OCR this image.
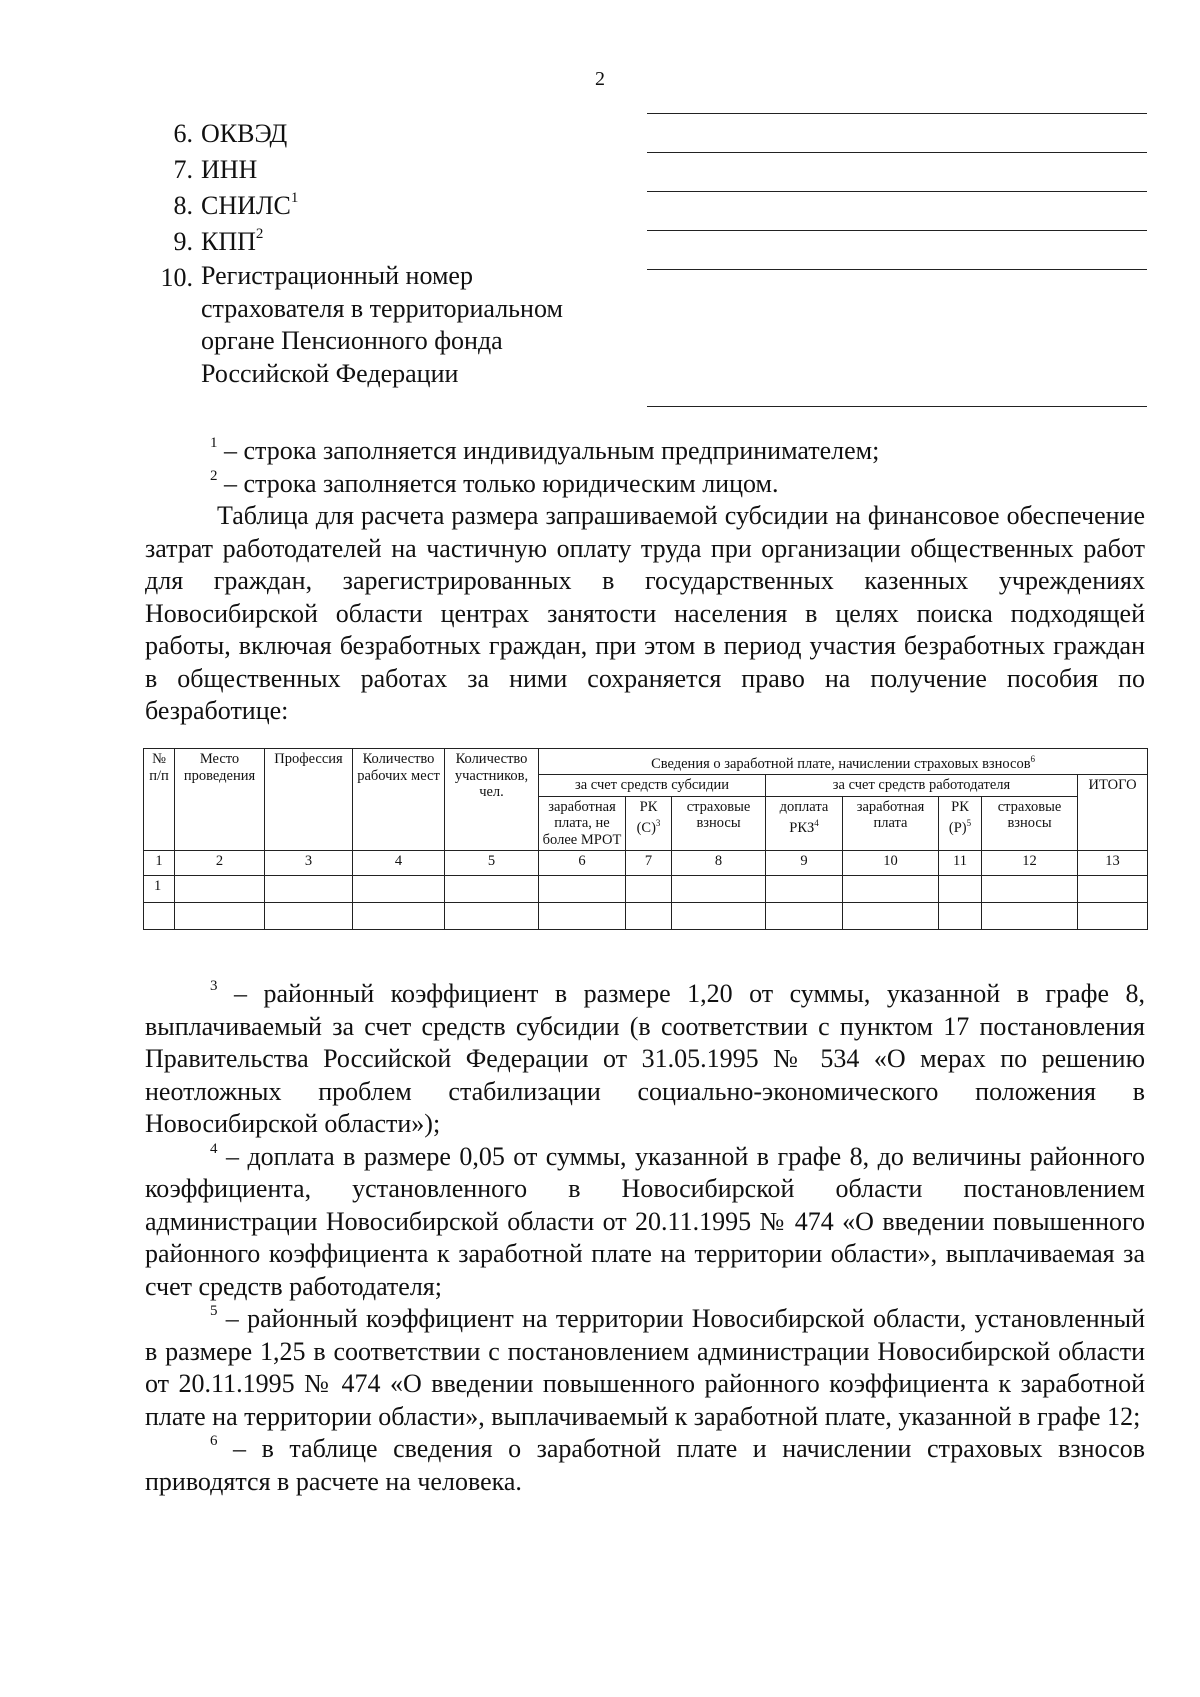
2
6. ОКВЭД
7. ИНН
8. СНИЛС$^1$
9. КПП$^2$
10. Регистрационный номер
страхователя в территориальном
органе Пенсионного фонда
Российской Федерации

$^1$ – строка заполняется индивидуальным предпринимателем;

$^2$ – строка заполняется только юридическим лицом.

Таблица для расчета размера запрашиваемой субсидии на финансовое обеспечение затрат работодателей на частичную оплату труда при организации общественных работ для граждан, зарегистрированных в государственных казенных учреждениях Новосибирской области центрах занятости населения в целях поиска подходящей работы, включая безработных граждан, при этом в период участия безработных граждан в общественных работах за ними сохраняется право на получение пособия по безработице:

№ п/п	Место проведения	Профессия	Количество рабочих мест	Количество участников, чел.	Сведения о заработной плате, начислении страховых взносов$^6$
					за счет средств субсидии			за счет средств работодателя				ИТОГО
					заработная плата, не более МРОТ	РК $(С)^3$	страховые взносы	доплата РКЗ$^4$	заработная плата	РК $(Р)^5$	страховые взносы	
1	2	3	4	5	6	7	8	9	10	11	12	13
1												

$^3$ – районный коэффициент в размере 1,20 от суммы, указанной в графе 8, выплачиваемый за счет средств субсидии (в соответствии с пунктом 17 постановления Правительства Российской Федерации от 31.05.1995 № 534 «О мерах по решению неотложных проблем стабилизации социально-экономического положения в Новосибирской области»);

$^4$ – доплата в размере 0,05 от суммы, указанной в графе 8, до величины районного коэффициента, установленного в Новосибирской области постановлением администрации Новосибирской области от 20.11.1995 № 474 «О введении повышенного районного коэффициента к заработной плате на территории области», выплачиваемая за счет средств работодателя;

$^5$ – районный коэффициент на территории Новосибирской области, установленный в размере 1,25 в соответствии с постановлением администрации Новосибирской области от 20.11.1995 № 474 «О введении повышенного районного коэффициента к заработной плате на территории области», выплачиваемый к заработной плате, указанной в графе 12;

$^6$ – в таблице сведения о заработной плате и начислении страховых взносов приводятся в расчете на человека.
